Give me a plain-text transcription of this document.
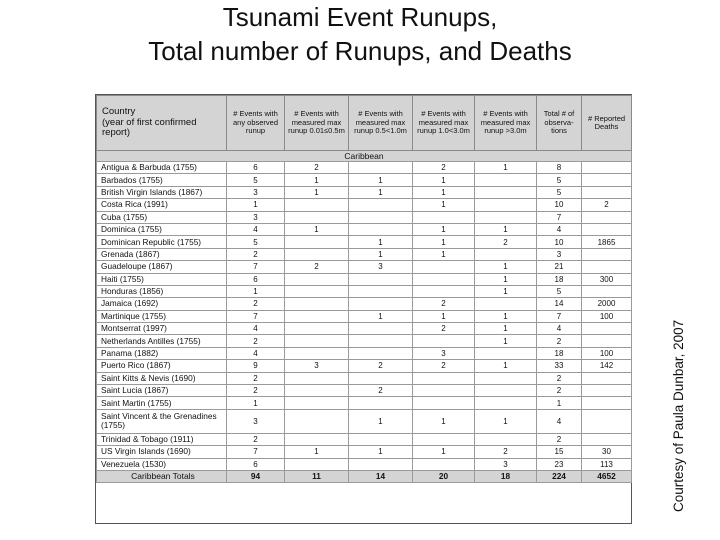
Tsunami Event Runups,
Total number of Runups, and Deaths
Country
(year of first confirmed report)	# Events with any observed runup	# Events with measured max runup 0.01≤0.5m	# Events with measured max runup 0.5<1.0m	# Events with measured max runup 1.0<3.0m	# Events with measured max runup >3.0m	Total # of observa-tions	# Reported Deaths
Caribbean							
Antigua & Barbuda (1755)	6	2		2	1	8	
Barbados (1755)	5	1	1	1		5	
British Virgin Islands (1867)	3	1	1	1		5	
Costa Rica (1991)	1			1		10	2
Cuba (1755)	3					7	
Dominica (1755)	4	1		1	1	4	
Dominican Republic (1755)	5		1	1	2	10	1865
Grenada (1867)	2		1	1		3	
Guadeloupe (1867)	7	2	3		1	21	
Haiti (1755)	6				1	18	300
Honduras (1856)	1				1	5	
Jamaica (1692)	2			2		14	2000
Martinique (1755)	7		1	1	1	7	100
Montserrat (1997)	4			2	1	4	
Netherlands Antilles (1755)	2				1	2	
Panama (1882)	4			3		18	100
Puerto Rico (1867)	9	3	2	2	1	33	142
Saint Kitts & Nevis (1690)	2					2	
Saint Lucia (1867)	2		2			2	
Saint Martin (1755)	1					1	
Saint Vincent & the Grenadines (1755)	3		1	1	1	4	
Trinidad & Tobago (1911)	2					2	
US Virgin Islands (1690)	7	1	1	1	2	15	30
Venezuela (1530)	6				3	23	113
Caribbean Totals	94	11	14	20	18	224	4652	Courtesy of Paula Dunbar, 2007
